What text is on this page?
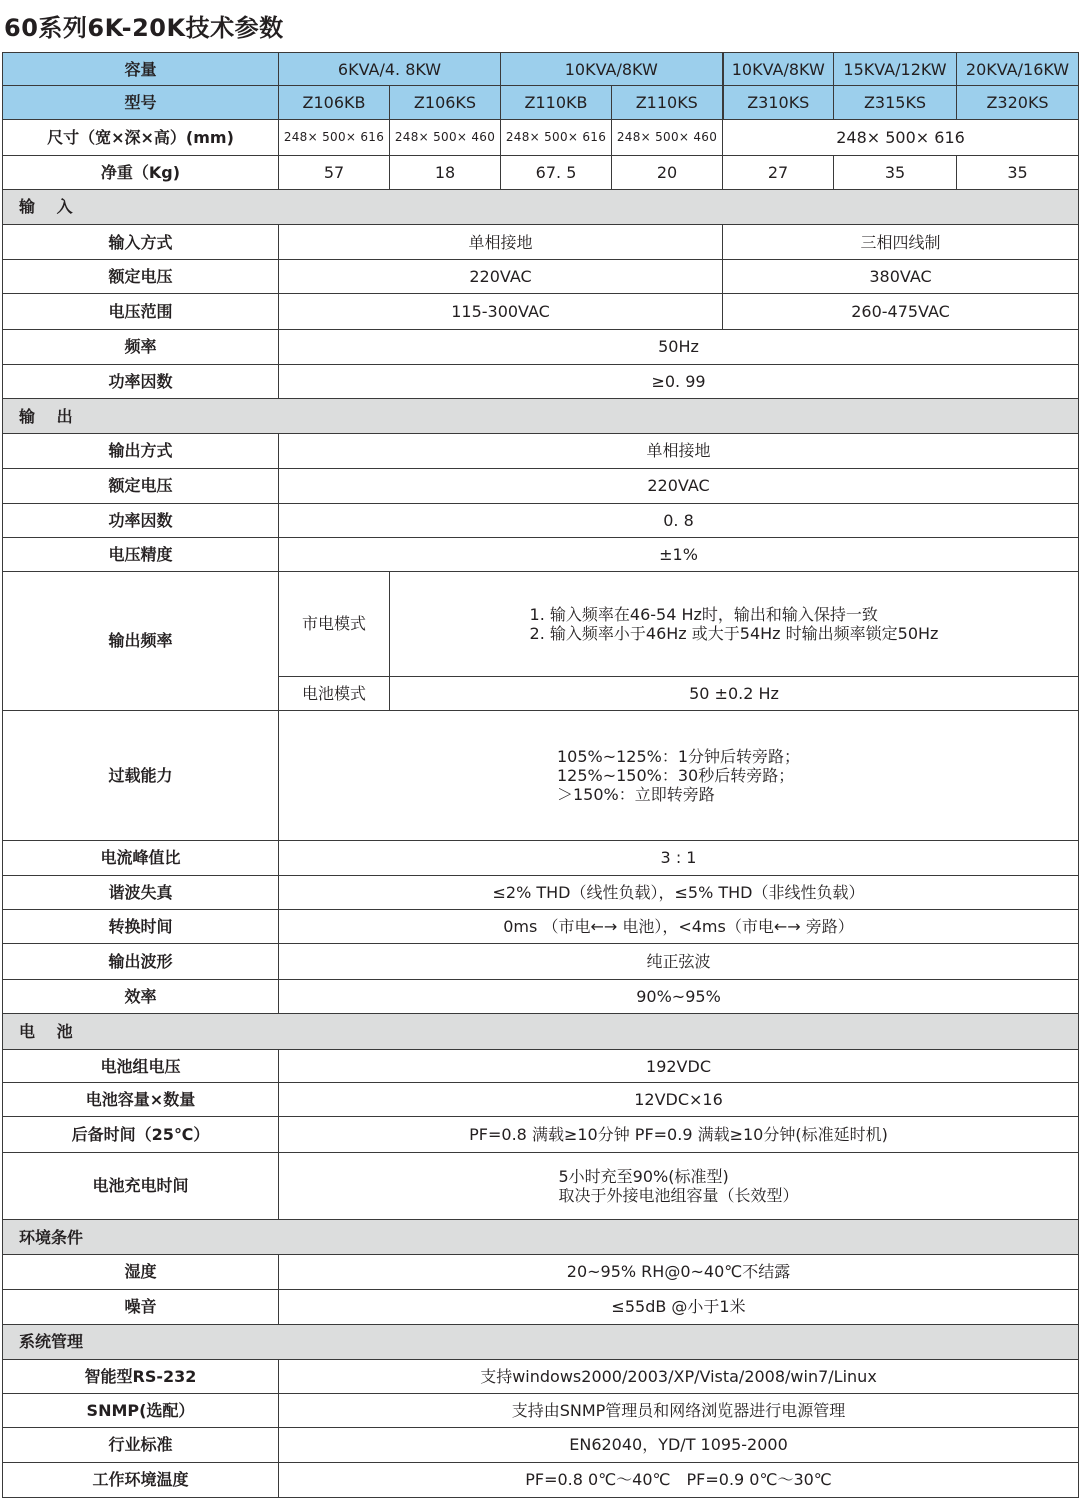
60系列6K-20K技术参数
容量	6KVA/4. 8KW		10KVA/8KW		10KVA/8KW	15KVA/12KW	20KVA/16KW
型号	Z106KB	Z106KS	Z110KB	Z110KS	Z310KS	Z315KS	Z320KS
尺寸（宽×深×高）(mm)	248× 500× 616	248× 500× 460	248× 500× 616	248× 500× 460	248× 500× 616		
净重（Kg)	57	18	67. 5	20	27	35	35
输　 入							
输入方式	单相接地				三相四线制		
额定电压	220VAC				380VAC		
电压范围	115-300VAC				260-475VAC		
频率	50Hz						
功率因数	≥0. 99						
输　 出							
输出方式	单相接地						
额定电压	220VAC						
功率因数	0. 8						
电压精度	±1%						
输出频率	市电模式	1. 输入频率在46-54 Hz时，输出和输入保持一致
2. 输入频率小于46Hz 或大于54Hz 时输出频率锁定50Hz					

	电池模式	50 ±0.2 Hz					
过载能力	105%~125%：1分钟后转旁路；
125%~150%：30秒后转旁路；
＞150%：立即转旁路						

电流峰值比	3 : 1						
谐波失真	≤2% THD（线性负载），≤5% THD（非线性负载）						
转换时间	0ms （市电←→ 电池），<4ms（市电←→ 旁路）						
输出波形	纯正弦波						
效率	90%~95%						
电　 池							
电池组电压	192VDC						
电池容量×数量	12VDC×16						
后备时间（25℃）	PF=0.8 满载≥10分钟 PF=0.9 满载≥10分钟(标准延时机)						
电池充电时间	5小时充至90%(标准型)
取决于外接电池组容量（长效型）						

环境条件							
湿度	20~95% RH@0~40℃不结露						
噪音	≤55dB @小于1米						
系统管理							
智能型RS-232	支持windows2000/2003/XP/Vista/2008/win7/Linux						
SNMP(选配）	支持由SNMP管理员和网络浏览器进行电源管理						
行业标准	EN62040，YD/T 1095-2000						
工作环境温度	PF=0.8 0℃～40℃　PF=0.9 0℃～30℃						
